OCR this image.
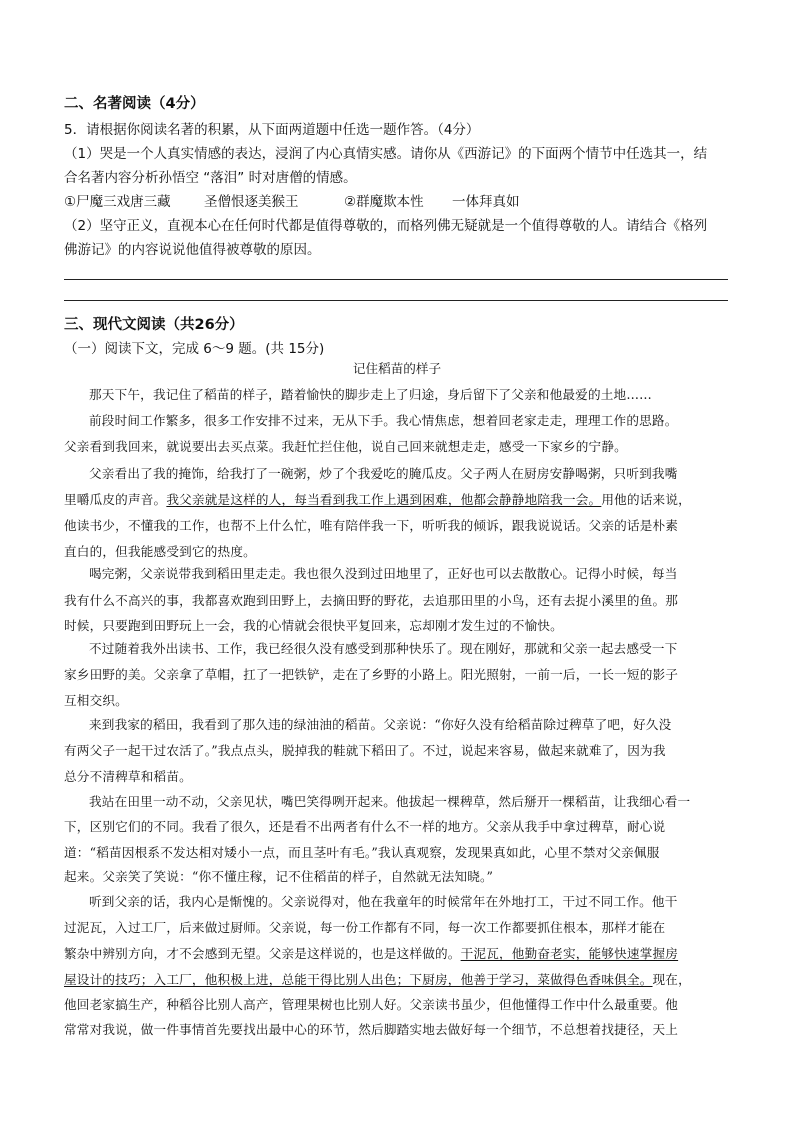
二、名著阅读（4分）
5．请根据你阅读名著的积累，从下面两道题中任选一题作答。（4分）
（1）哭是一个人真实情感的表达，浸润了内心真情实感。请你从《西游记》的下面两个情节中任选其一，结
合名著内容分析孙悟空 “落泪” 时对唐僧的情感。
①尸魔三戏唐三藏 圣僧恨逐美猴王	②群魔欺本性 一体拜真如
（2）坚守正义，直视本心在任何时代都是值得尊敬的，而格列佛无疑就是一个值得尊敬的人。请结合《格列
佛游记》的内容说说他值得被尊敬的原因。
三、现代文阅读（共26分）
（一）阅读下文，完成 6～9 题。(共 15分)
记住稻苗的样子
那天下午，我记住了稻苗的样子，踏着愉快的脚步走上了归途，身后留下了父亲和他最爱的土地……
前段时间工作繁多，很多工作安排不过来，无从下手。我心情焦虑，想着回老家走走，理理工作的思路。
父亲看到我回来，就说要出去买点菜。我赶忙拦住他，说自己回来就想走走，感受一下家乡的宁静。
父亲看出了我的掩饰，给我打了一碗粥，炒了个我爱吃的腌瓜皮。父子两人在厨房安静喝粥，只听到我嘴
里嚼瓜皮的声音。我父亲就是这样的人，每当看到我工作上遇到困难，他都会静静地陪我一会。用他的话来说，
他读书少，不懂我的工作，也帮不上什么忙，唯有陪伴我一下，听听我的倾诉，跟我说说话。父亲的话是朴素
直白的，但我能感受到它的热度。
喝完粥，父亲说带我到稻田里走走。我也很久没到过田地里了，正好也可以去散散心。记得小时候，每当
我有什么不高兴的事，我都喜欢跑到田野上，去摘田野的野花，去追那田里的小鸟，还有去捉小溪里的鱼。那
时候，只要跑到田野玩上一会，我的心情就会很快平复回来，忘却刚才发生过的不愉快。
不过随着我外出读书、工作，我已经很久没有感受到那种快乐了。现在刚好，那就和父亲一起去感受一下
家乡田野的美。父亲拿了草帽，扛了一把铁铲，走在了乡野的小路上。阳光照射，一前一后，一长一短的影子
互相交织。
来到我家的稻田，我看到了那久违的绿油油的稻苗。父亲说：“你好久没有给稻苗除过稗草了吧，好久没
有两父子一起干过农活了。”我点点头，脱掉我的鞋就下稻田了。不过，说起来容易，做起来就难了，因为我
总分不清稗草和稻苗。
我站在田里一动不动，父亲见状，嘴巴笑得咧开起来。他拔起一棵稗草，然后掰开一棵稻苗，让我细心看一
下，区别它们的不同。我看了很久，还是看不出两者有什么不一样的地方。父亲从我手中拿过稗草，耐心说
道：“稻苗因根系不发达相对矮小一点，而且茎叶有毛。”我认真观察，发现果真如此，心里不禁对父亲佩服
起来。父亲笑了笑说：“你不懂庄稼，记不住稻苗的样子，自然就无法知晓。”
听到父亲的话，我内心是惭愧的。父亲说得对，他在我童年的时候常年在外地打工，干过不同工作。他干
过泥瓦，入过工厂，后来做过厨师。父亲说，每一份工作都有不同，每一次工作都要抓住根本，那样才能在
繁杂中辨别方向，才不会感到无望。父亲是这样说的，也是这样做的。干泥瓦，他勤奋老实，能够快速掌握房
屋设计的技巧；入工厂，他积极上进，总能干得比别人出色；下厨房，他善于学习，菜做得色香味俱全。现在，
他回老家搞生产，种稻谷比别人高产，管理果树也比别人好。父亲读书虽少，但他懂得工作中什么最重要。他
常常对我说，做一件事情首先要找出最中心的环节，然后脚踏实地去做好每一个细节，不总想着找捷径，天上
